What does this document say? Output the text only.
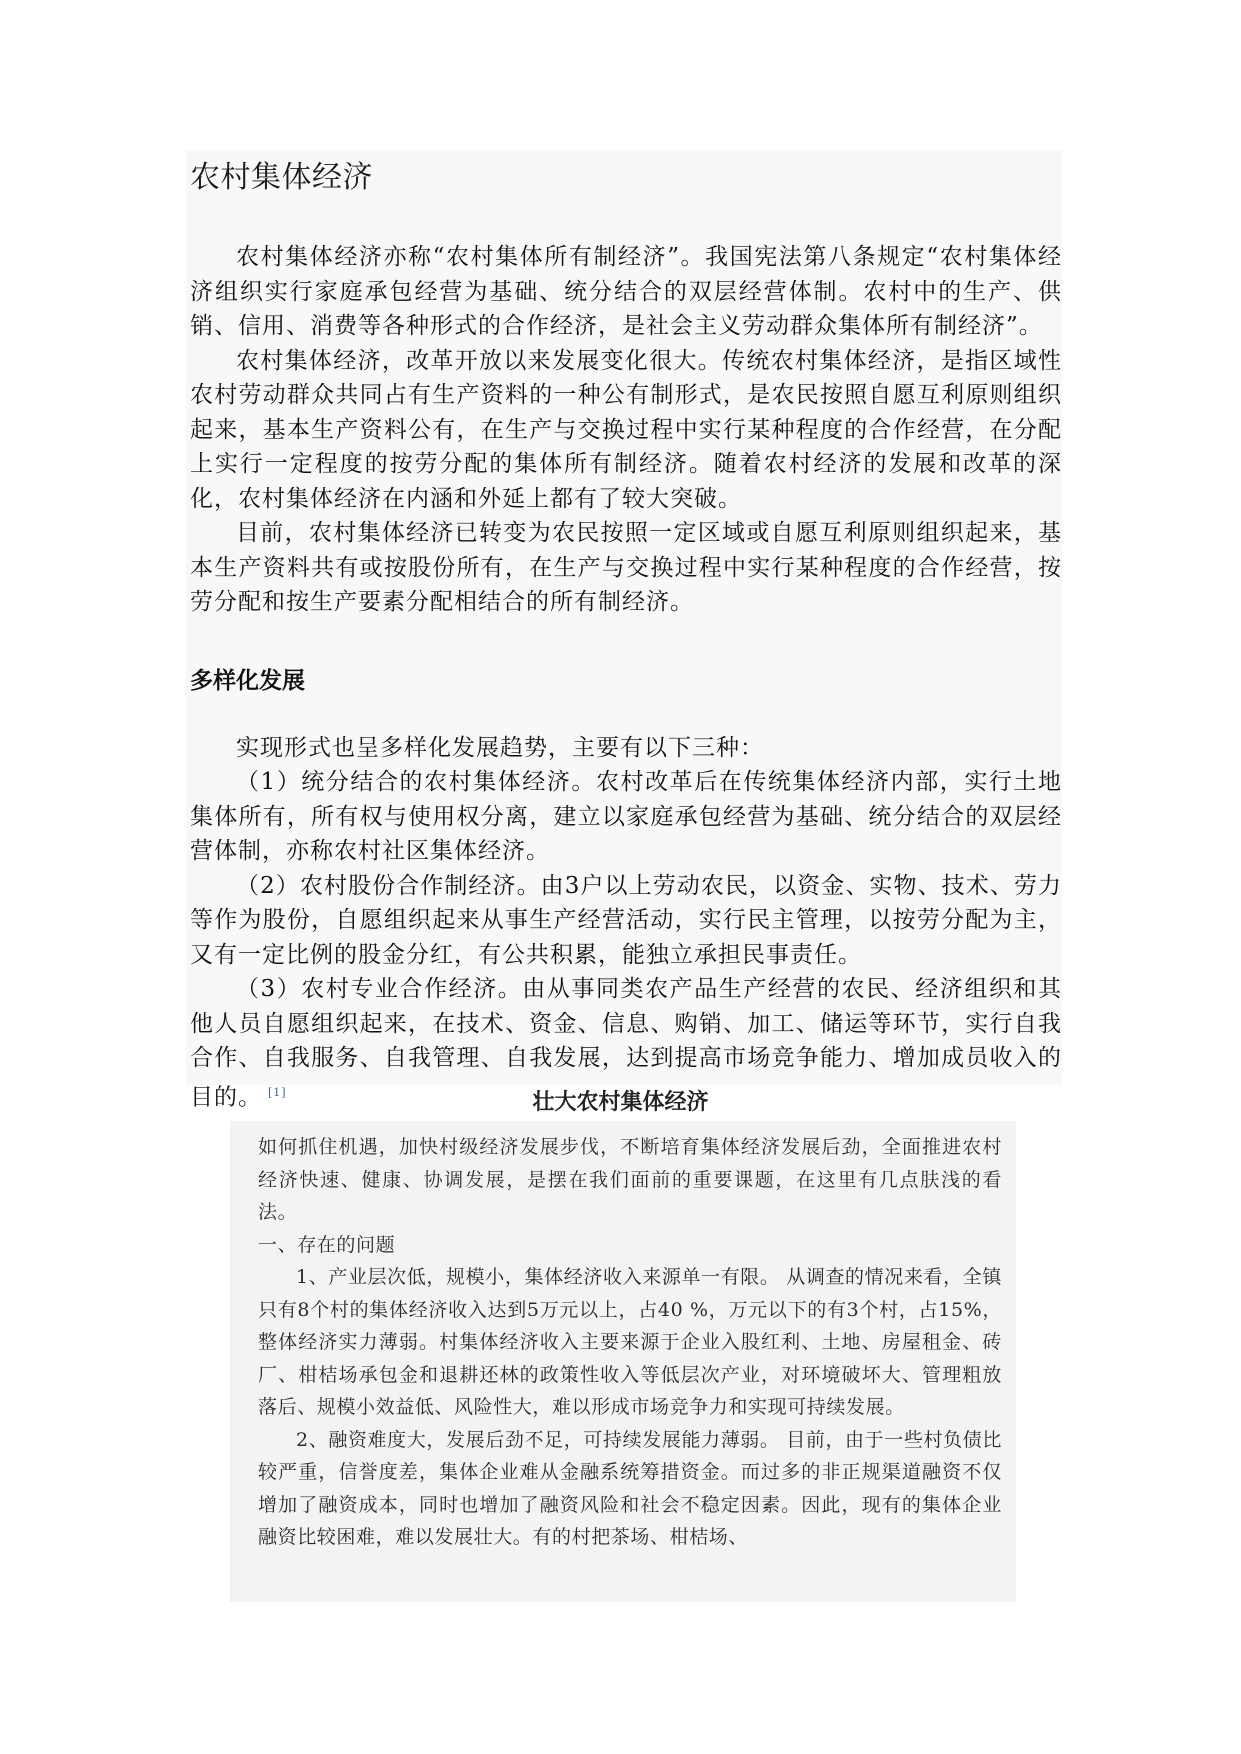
农村集体经济

农村集体经济亦称“农村集体所有制经济”。我国宪法第八条规定“农村集体经济组织实行家庭承包经营为基础、统分结合的双层经营体制。农村中的生产、供销、信用、消费等各种形式的合作经济，是社会主义劳动群众集体所有制经济”。

农村集体经济，改革开放以来发展变化很大。传统农村集体经济，是指区域性农村劳动群众共同占有生产资料的一种公有制形式，是农民按照自愿互利原则组织起来，基本生产资料公有，在生产与交换过程中实行某种程度的合作经营，在分配上实行一定程度的按劳分配的集体所有制经济。随着农村经济的发展和改革的深化，农村集体经济在内涵和外延上都有了较大突破。

目前，农村集体经济已转变为农民按照一定区域或自愿互利原则组织起来，基本生产资料共有或按股份所有，在生产与交换过程中实行某种程度的合作经营，按劳分配和按生产要素分配相结合的所有制经济。

多样化发展

实现形式也呈多样化发展趋势，主要有以下三种：

（1）统分结合的农村集体经济。农村改革后在传统集体经济内部，实行土地集体所有，所有权与使用权分离，建立以家庭承包经营为基础、统分结合的双层经营体制，亦称农村社区集体经济。

（2）农村股份合作制经济。由3户以上劳动农民，以资金、实物、技术、劳力等作为股份，自愿组织起来从事生产经营活动，实行民主管理，以按劳分配为主，又有一定比例的股金分红，有公共积累，能独立承担民事责任。

（3）农村专业合作经济。由从事同类农产品生产经营的农民、经济组织和其他人员自愿组织起来，在技术、资金、信息、购销、加工、储运等环节，实行自我合作、自我服务、自我管理、自我发展，达到提高市场竞争能力、增加成员收入的目的。 [1]	壮大农村集体经济

如何抓住机遇，加快村级经济发展步伐，不断培育集体经济发展后劲，全面推进农村经济快速、健康、协调发展，是摆在我们面前的重要课题，在这里有几点肤浅的看法。

一、存在的问题

1、产业层次低，规模小，集体经济收入来源单一有限。 从调查的情况来看，全镇只有8个村的集体经济收入达到5万元以上，占40 %，万元以下的有3个村，占15%，整体经济实力薄弱。村集体经济收入主要来源于企业入股红利、土地、房屋租金、砖厂、柑桔场承包金和退耕还林的政策性收入等低层次产业，对环境破坏大、管理粗放落后、规模小效益低、风险性大，难以形成市场竞争力和实现可持续发展。

2、融资难度大，发展后劲不足，可持续发展能力薄弱。 目前，由于一些村负债比较严重，信誉度差，集体企业难从金融系统筹措资金。而过多的非正规渠道融资不仅增加了融资成本，同时也增加了融资风险和社会不稳定因素。因此，现有的集体企业融资比较困难，难以发展壮大。有的村把茶场、柑桔场、
